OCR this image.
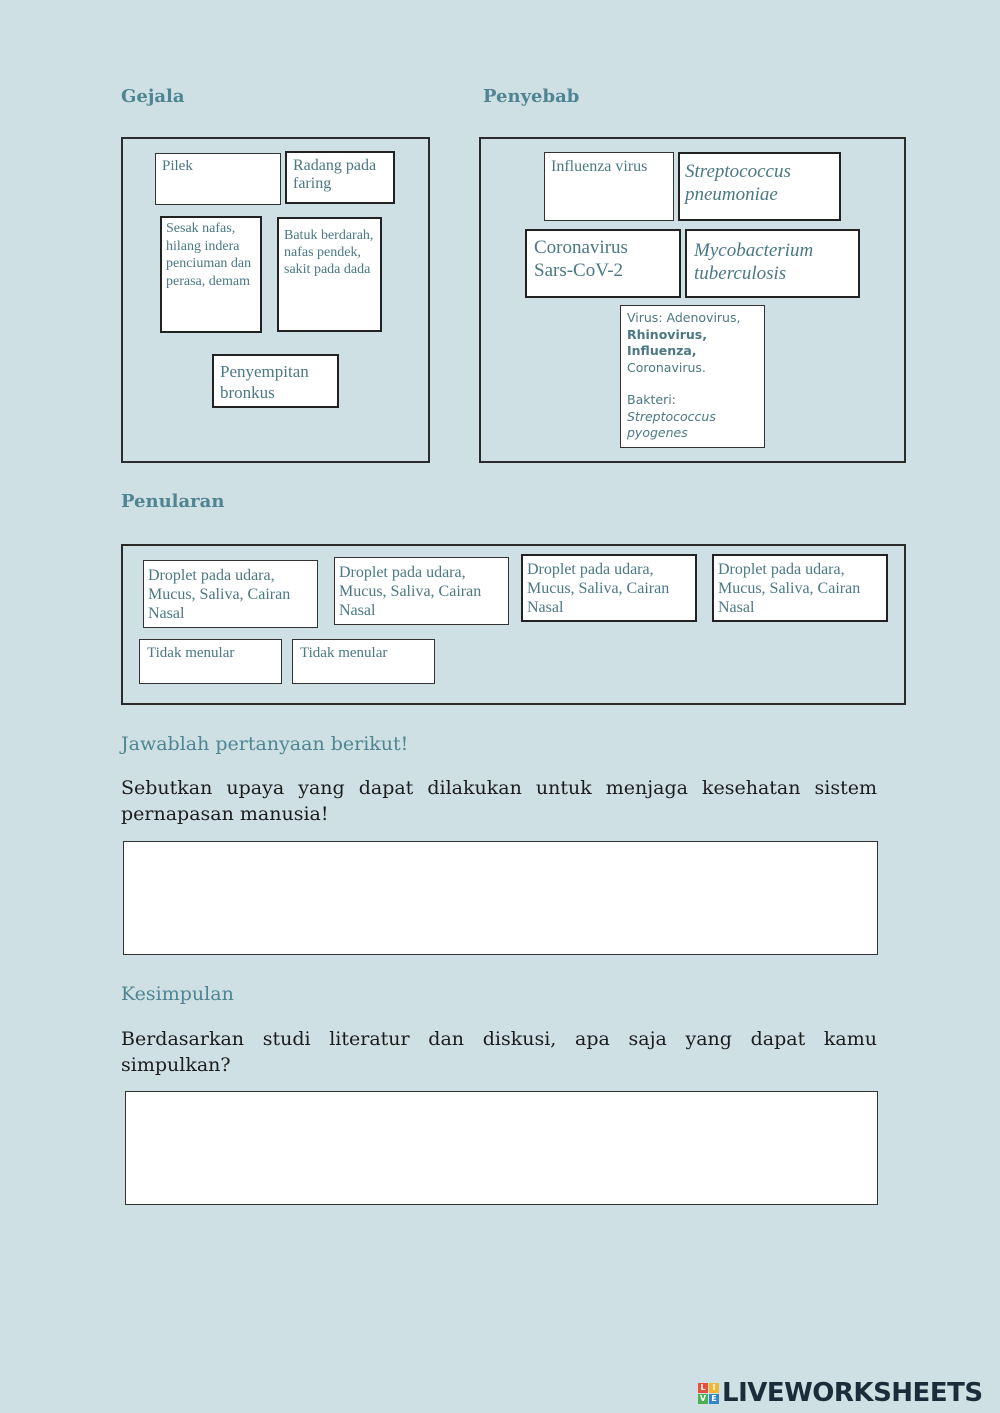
Gejala	Penyebab
Pilek	Radang pada faring
Sesak nafas, hilang indera penciuman dan perasa, demam
Batuk berdarah, nafas pendek, sakit pada dada
Penyempitan bronkus
Influenza virus	Streptococcus pneumoniae
Coronavirus
Sars-CoV-2
Mycobacterium tuberculosis
Virus: Adenovirus,
Rhinovirus,
Influenza,
Coronavirus.
Bakteri:
Streptococcus
pyogenes
Penularan
Droplet pada udara, Mucus, Saliva, Cairan Nasal
Droplet pada udara, Mucus, Saliva, Cairan Nasal
Droplet pada udara, Mucus, Saliva, Cairan Nasal
Droplet pada udara, Mucus, Saliva, Cairan Nasal
Tidak menular	Tidak menular
Jawablah pertanyaan berikut!
Sebutkan upaya yang dapat dilakukan untuk menjaga kesehatan sistem pernapasan manusia!
Kesimpulan
Berdasarkan studi literatur dan diskusi, apa saja yang dapat kamu simpulkan?
L I
V E LIVEWORKSHEETS
